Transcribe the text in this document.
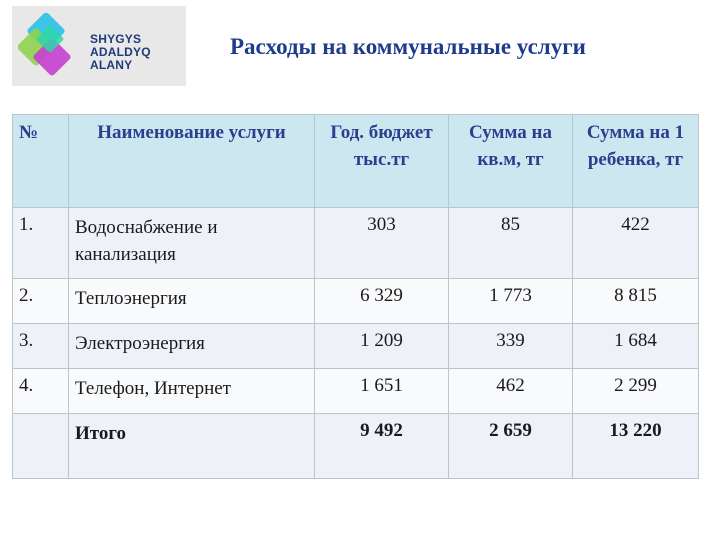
SHYGYS
ADALDYQ ALANY
Расходы на коммунальные услуги
№	Наименование услуги	Год. бюджет тыс.тг	Сумма на кв.м, тг	Сумма на 1 ребенка, тг
1.	Водоснабжение и канализация	303	85	422
2.	Теплоэнергия	6 329	1 773	8 815
3.	Электроэнергия	1 209	339	1 684
4.	Телефон, Интернет	1 651	462	2 299
	Итого	9 492	2 659	13 220
